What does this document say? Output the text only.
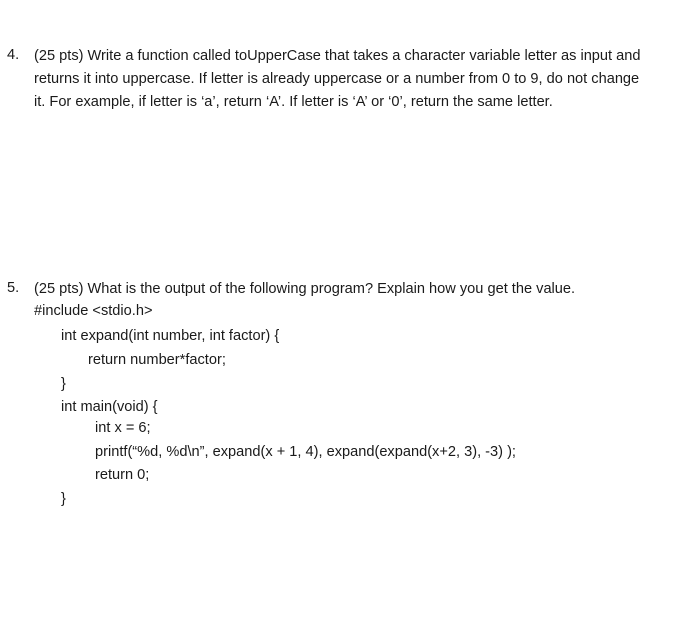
4. (25 pts) Write a function called toUpperCase that takes a character variable letter as input and
returns it into uppercase. If letter is already uppercase or a number from 0 to 9, do not change
it. For example, if letter is ‘a’, return ‘A’. If letter is ‘A’ or ‘0’, return the same letter.
5. (25 pts) What is the output of the following program? Explain how you get the value.
#include <stdio.h>
int expand(int number, int factor) {
return number*factor;
}
int main(void) {
int x = 6;
printf(“%d, %d\n”, expand(x + 1, 4), expand(expand(x+2, 3), -3) );
return 0;
}
